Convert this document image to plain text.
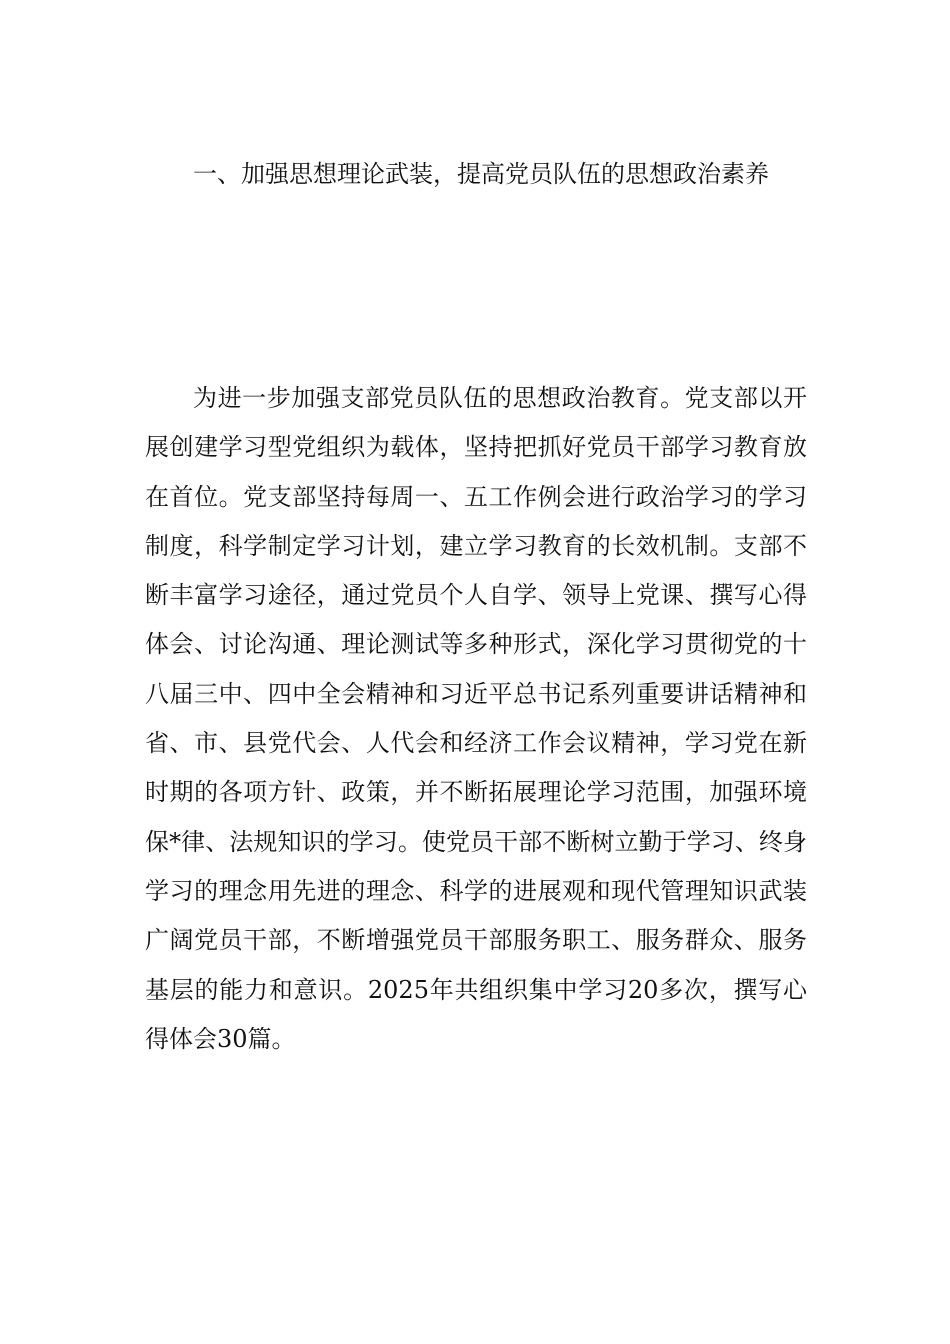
一、加强思想理论武装，提高党员队伍的思想政治素养

为进一步加强支部党员队伍的思想政治教育。党支部以开展创建学习型党组织为载体，坚持把抓好党员干部学习教育放在首位。党支部坚持每周一、五工作例会进行政治学习的学习制度，科学制定学习计划，建立学习教育的长效机制。支部不断丰富学习途径，通过党员个人自学、领导上党课、撰写心得体会、讨论沟通、理论测试等多种形式，深化学习贯彻党的十八届三中、四中全会精神和习近平总书记系列重要讲话精神和省、市、县党代会、人代会和经济工作会议精神，学习党在新时期的各项方针、政策，并不断拓展理论学习范围，加强环境保*律、法规知识的学习。使党员干部不断树立勤于学习、终身学习的理念用先进的理念、科学的进展观和现代管理知识武装广阔党员干部，不断增强党员干部服务职工、服务群众、服务基层的能力和意识。2025年共组织集中学习20多次，撰写心得体会30篇。
